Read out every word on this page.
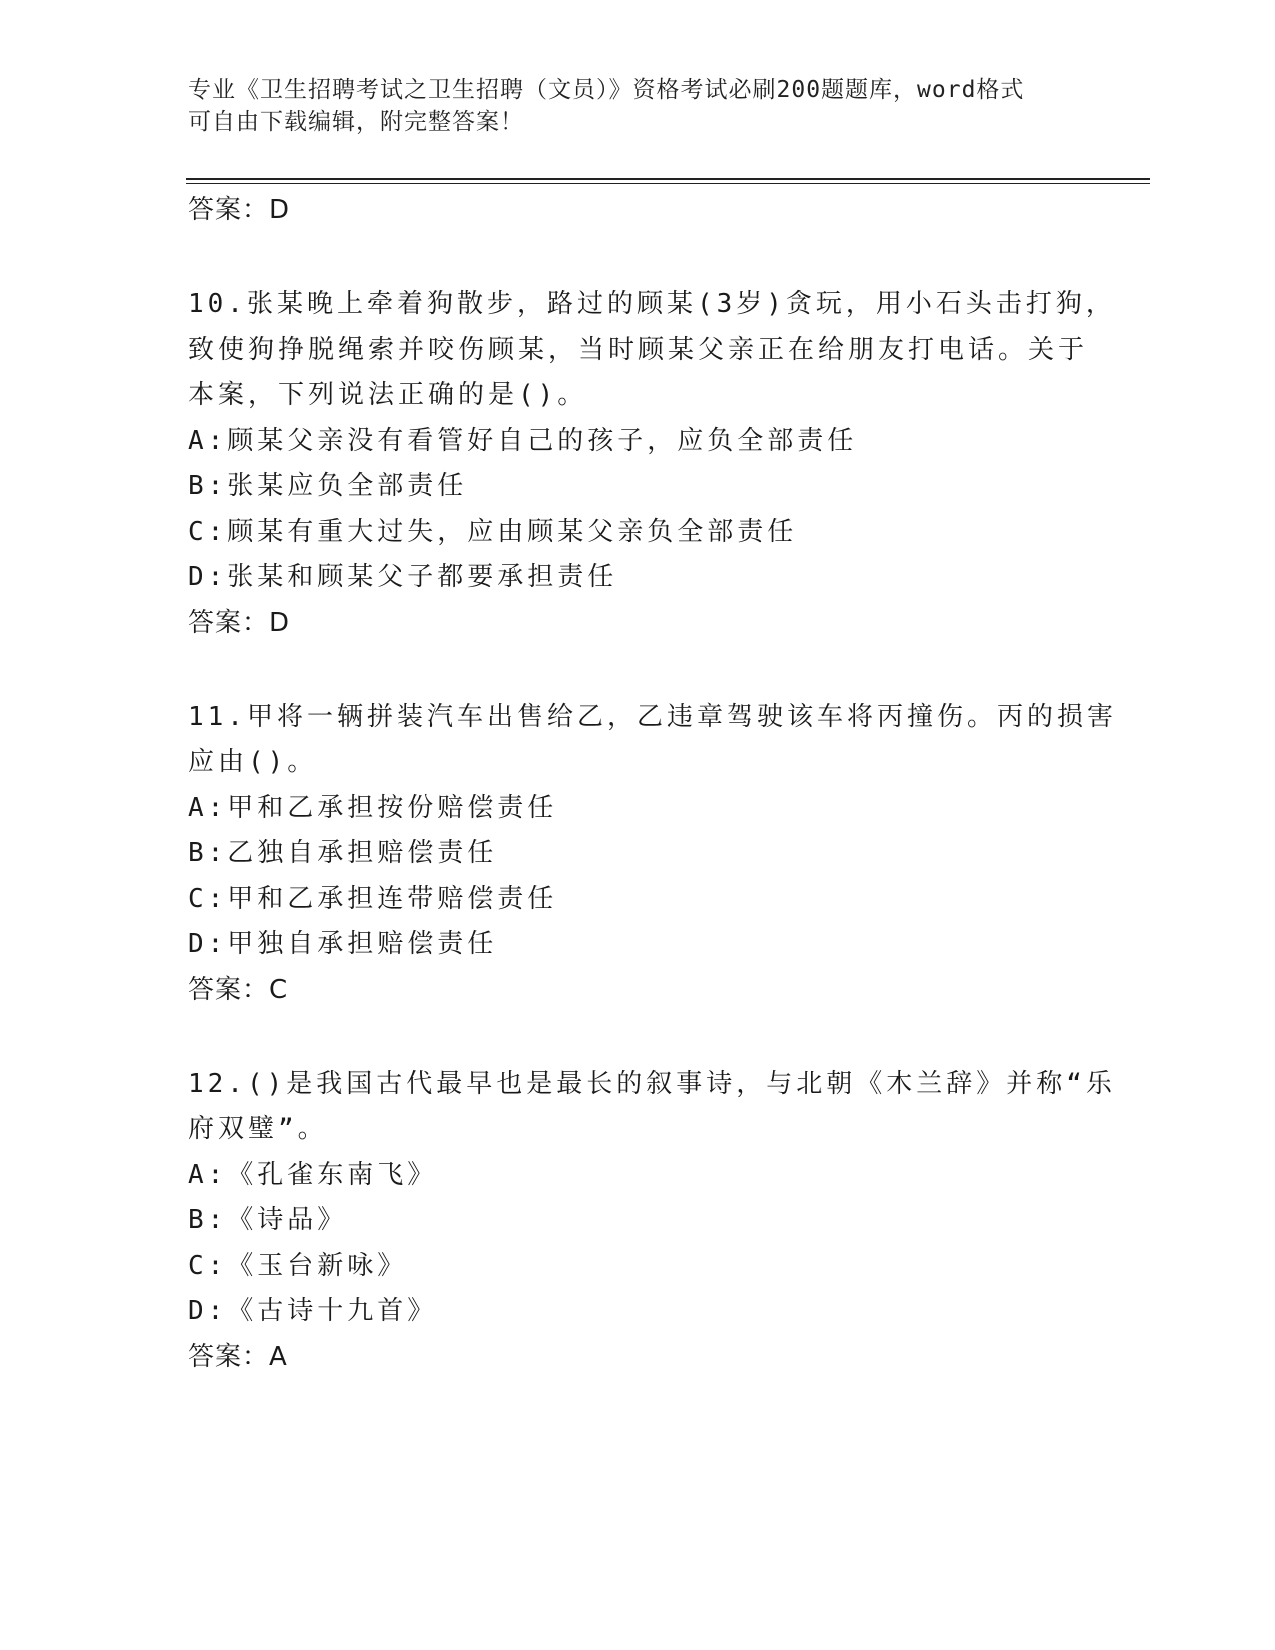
专业《卫生招聘考试之卫生招聘（文员）》资格考试必刷200题题库，word格式
可自由下载编辑，附完整答案！
答案：D
10.张某晚上牵着狗散步，路过的顾某(3岁)贪玩，用小石头击打狗，
致使狗挣脱绳索并咬伤顾某，当时顾某父亲正在给朋友打电话。关于
本案，下列说法正确的是()。
A:顾某父亲没有看管好自己的孩子，应负全部责任
B:张某应负全部责任
C:顾某有重大过失，应由顾某父亲负全部责任
D:张某和顾某父子都要承担责任
答案：D
11.甲将一辆拼装汽车出售给乙，乙违章驾驶该车将丙撞伤。丙的损害
应由()。
A:甲和乙承担按份赔偿责任
B:乙独自承担赔偿责任
C:甲和乙承担连带赔偿责任
D:甲独自承担赔偿责任
答案：C
12.()是我国古代最早也是最长的叙事诗，与北朝《木兰辞》并称“乐
府双璧”。
A:《孔雀东南飞》
B:《诗品》
C:《玉台新咏》
D:《古诗十九首》
答案：A
